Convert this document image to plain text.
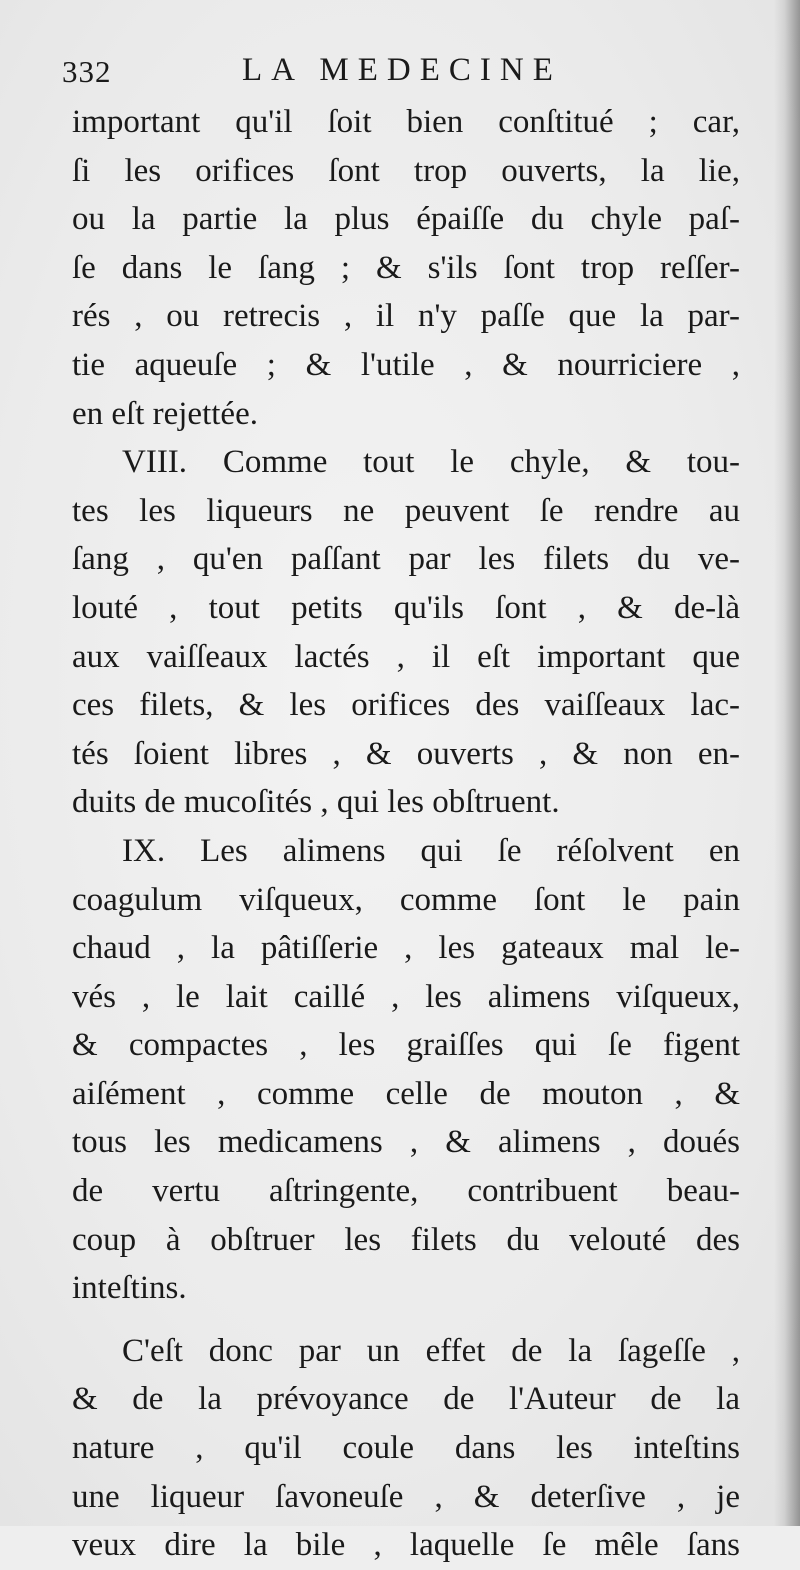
332	LA MEDECINE
important qu'il ſoit bien conſtitué ; car,
ſi les orifices ſont trop ouverts, la lie,
ou la partie la plus épaiſſe du chyle paſ-
ſe dans le ſang ; & s'ils ſont trop reſſer-
rés , ou retrecis , il n'y paſſe que la par-
tie aqueuſe ; & l'utile , & nourriciere ,
en eſt rejettée.
VIII. Comme tout le chyle, & tou-
tes les liqueurs ne peuvent ſe rendre au
ſang , qu'en paſſant par les filets du ve-
louté , tout petits qu'ils ſont , & de-là
aux vaiſſeaux lactés , il eſt important que
ces filets, & les orifices des vaiſſeaux lac-
tés ſoient libres , & ouverts , & non en-
duits de mucoſités , qui les obſtruent.
IX. Les alimens qui ſe réſolvent en
coagulum viſqueux, comme ſont le pain
chaud , la pâtiſſerie , les gateaux mal le-
vés , le lait caillé , les alimens viſqueux,
& compactes , les graiſſes qui ſe figent
aiſément , comme celle de mouton , &
tous les medicamens , & alimens , doués
de vertu aſtringente, contribuent beau-
coup à obſtruer les filets du velouté des
inteſtins.
C'eſt donc par un effet de la ſageſſe ,
& de la prévoyance de l'Auteur de la
nature , qu'il coule dans les inteſtins
une liqueur ſavoneuſe , & deterſive , je
veux dire la bile , laquelle ſe mêle ſans
